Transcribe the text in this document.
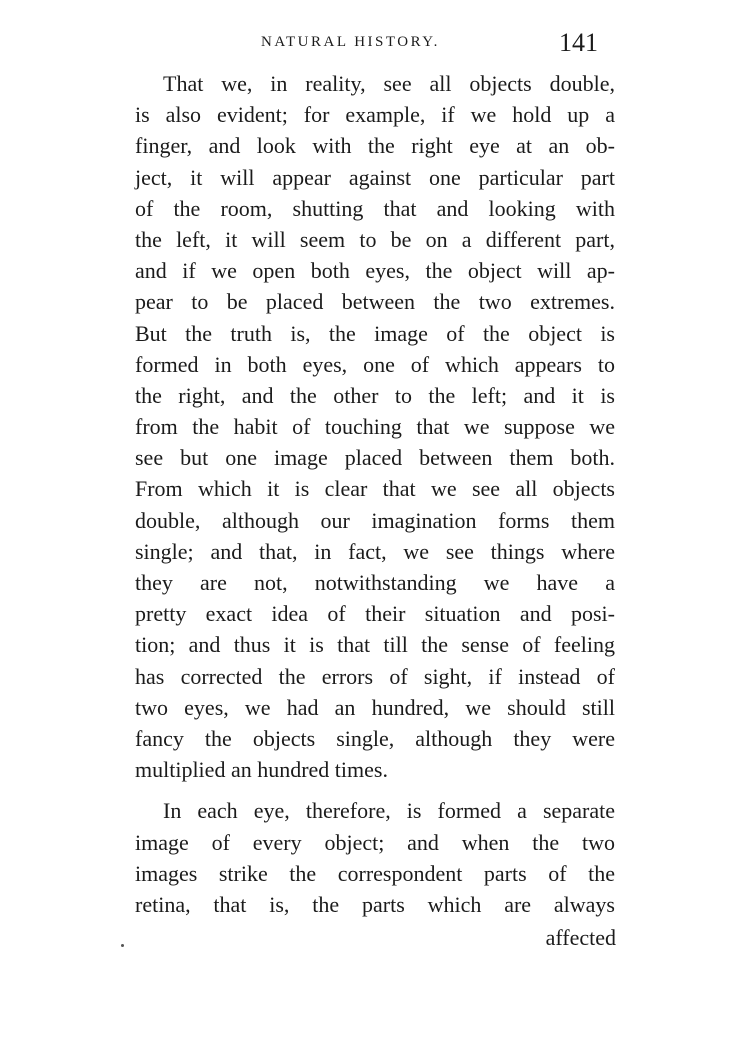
NATURAL HISTORY.	141
That we, in reality, see all objects double,
is also evident; for example, if we hold up a
finger, and look with the right eye at an ob-
ject, it will appear against one particular part
of the room, shutting that and looking with
the left, it will seem to be on a different part,
and if we open both eyes, the object will ap-
pear to be placed between the two extremes.
But the truth is, the image of the object is
formed in both eyes, one of which appears to
the right, and the other to the left; and it is
from the habit of touching that we suppose we
see but one image placed between them both.
From which it is clear that we see all objects
double, although our imagination forms them
single; and that, in fact, we see things where
they are not, notwithstanding we have a
pretty exact idea of their situation and posi-
tion; and thus it is that till the sense of feeling
has corrected the errors of sight, if instead of
two eyes, we had an hundred, we should still
fancy the objects single, although they were
multiplied an hundred times.
In each eye, therefore, is formed a separate
image of every object; and when the two
images strike the correspondent parts of the
retina, that is, the parts which are always
affected
